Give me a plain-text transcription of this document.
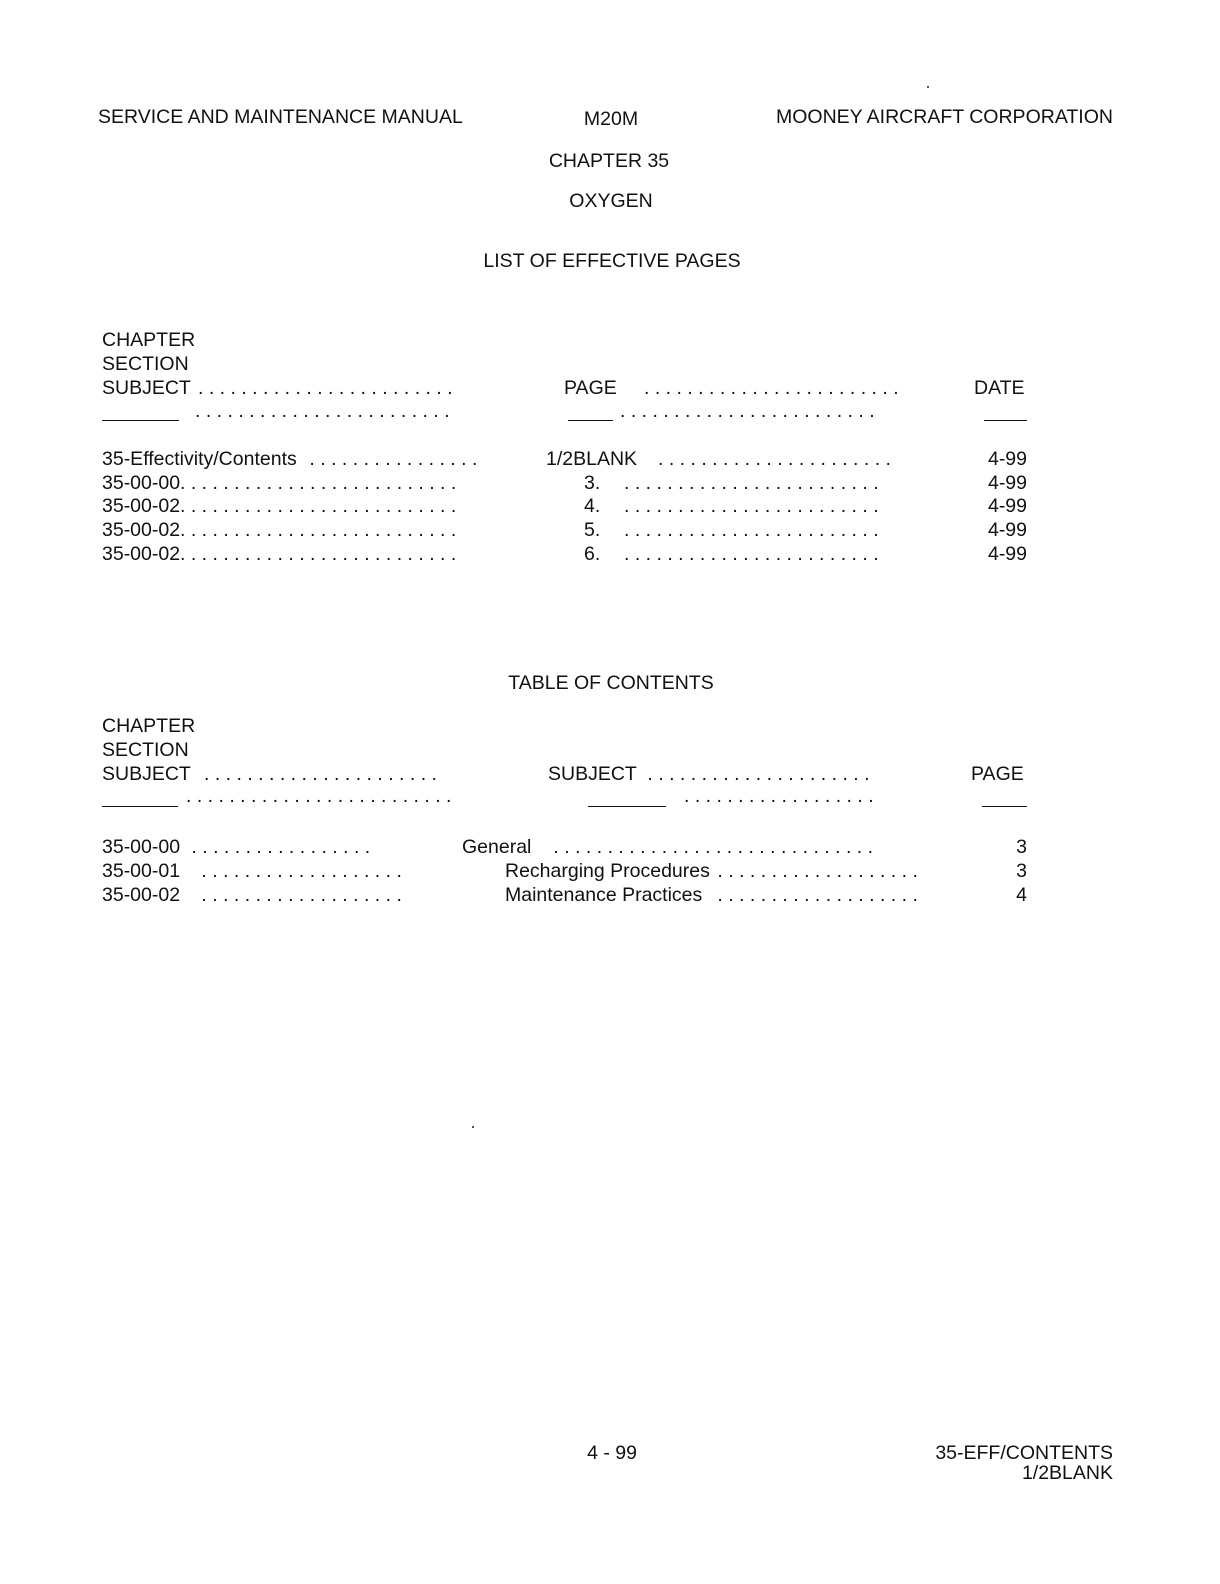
SERVICE AND MAINTENANCE MANUAL	M20M	MOONEY AIRCRAFT CORPORATION
CHAPTER 35
OXYGEN
LIST OF EFFECTIVE PAGES
CHAPTER
SECTION
SUBJECT . . . . . . . . . . . . . . . . . . . . . . . .	PAGE . . . . . . . . . . . . . . . . . . . . . . . .	DATE
. . . . . . . . . . . . . . . . . . . . . . . .	. . . . . . . . . . . . . . . . . . . . . . . .
35-Effectivity/Contents . . . . . . . . . . . . . . . .	1/2BLANK . . . . . . . . . . . . . . . . . . . . . .	4-99
35-00-00 . . . . . . . . . . . . . . . . . . . . . . . . . .	3. . . . . . . . . . . . . . . . . . . . . . . . .	4-99
35-00-02 . . . . . . . . . . . . . . . . . . . . . . . . . .	4. . . . . . . . . . . . . . . . . . . . . . . . .	4-99
35-00-02 . . . . . . . . . . . . . . . . . . . . . . . . . .	5. . . . . . . . . . . . . . . . . . . . . . . . .	4-99
35-00-02 . . . . . . . . . . . . . . . . . . . . . . . . . .	6. . . . . . . . . . . . . . . . . . . . . . . . .	4-99
TABLE OF CONTENTS
CHAPTER
SECTION
SUBJECT . . . . . . . . . . . . . . . . . . . . . .	SUBJECT . . . . . . . . . . . . . . . . . . . . .	PAGE
. . . . . . . . . . . . . . . . . . . . . . . . .	. . . . . . . . . . . . . . . . . .
35-00-00 . . . . . . . . . . . . . . . . .	General . . . . . . . . . . . . . . . . . . . . . . . . . . . . . .	3
35-00-01 . . . . . . . . . . . . . . . . . . .	Recharging Procedures . . . . . . . . . . . . . . . . . . .	3
35-00-02 . . . . . . . . . . . . . . . . . . .	Maintenance Practices . . . . . . . . . . . . . . . . . . .	4
4 - 99	35-EFF/CONTENTS
1/2BLANK
